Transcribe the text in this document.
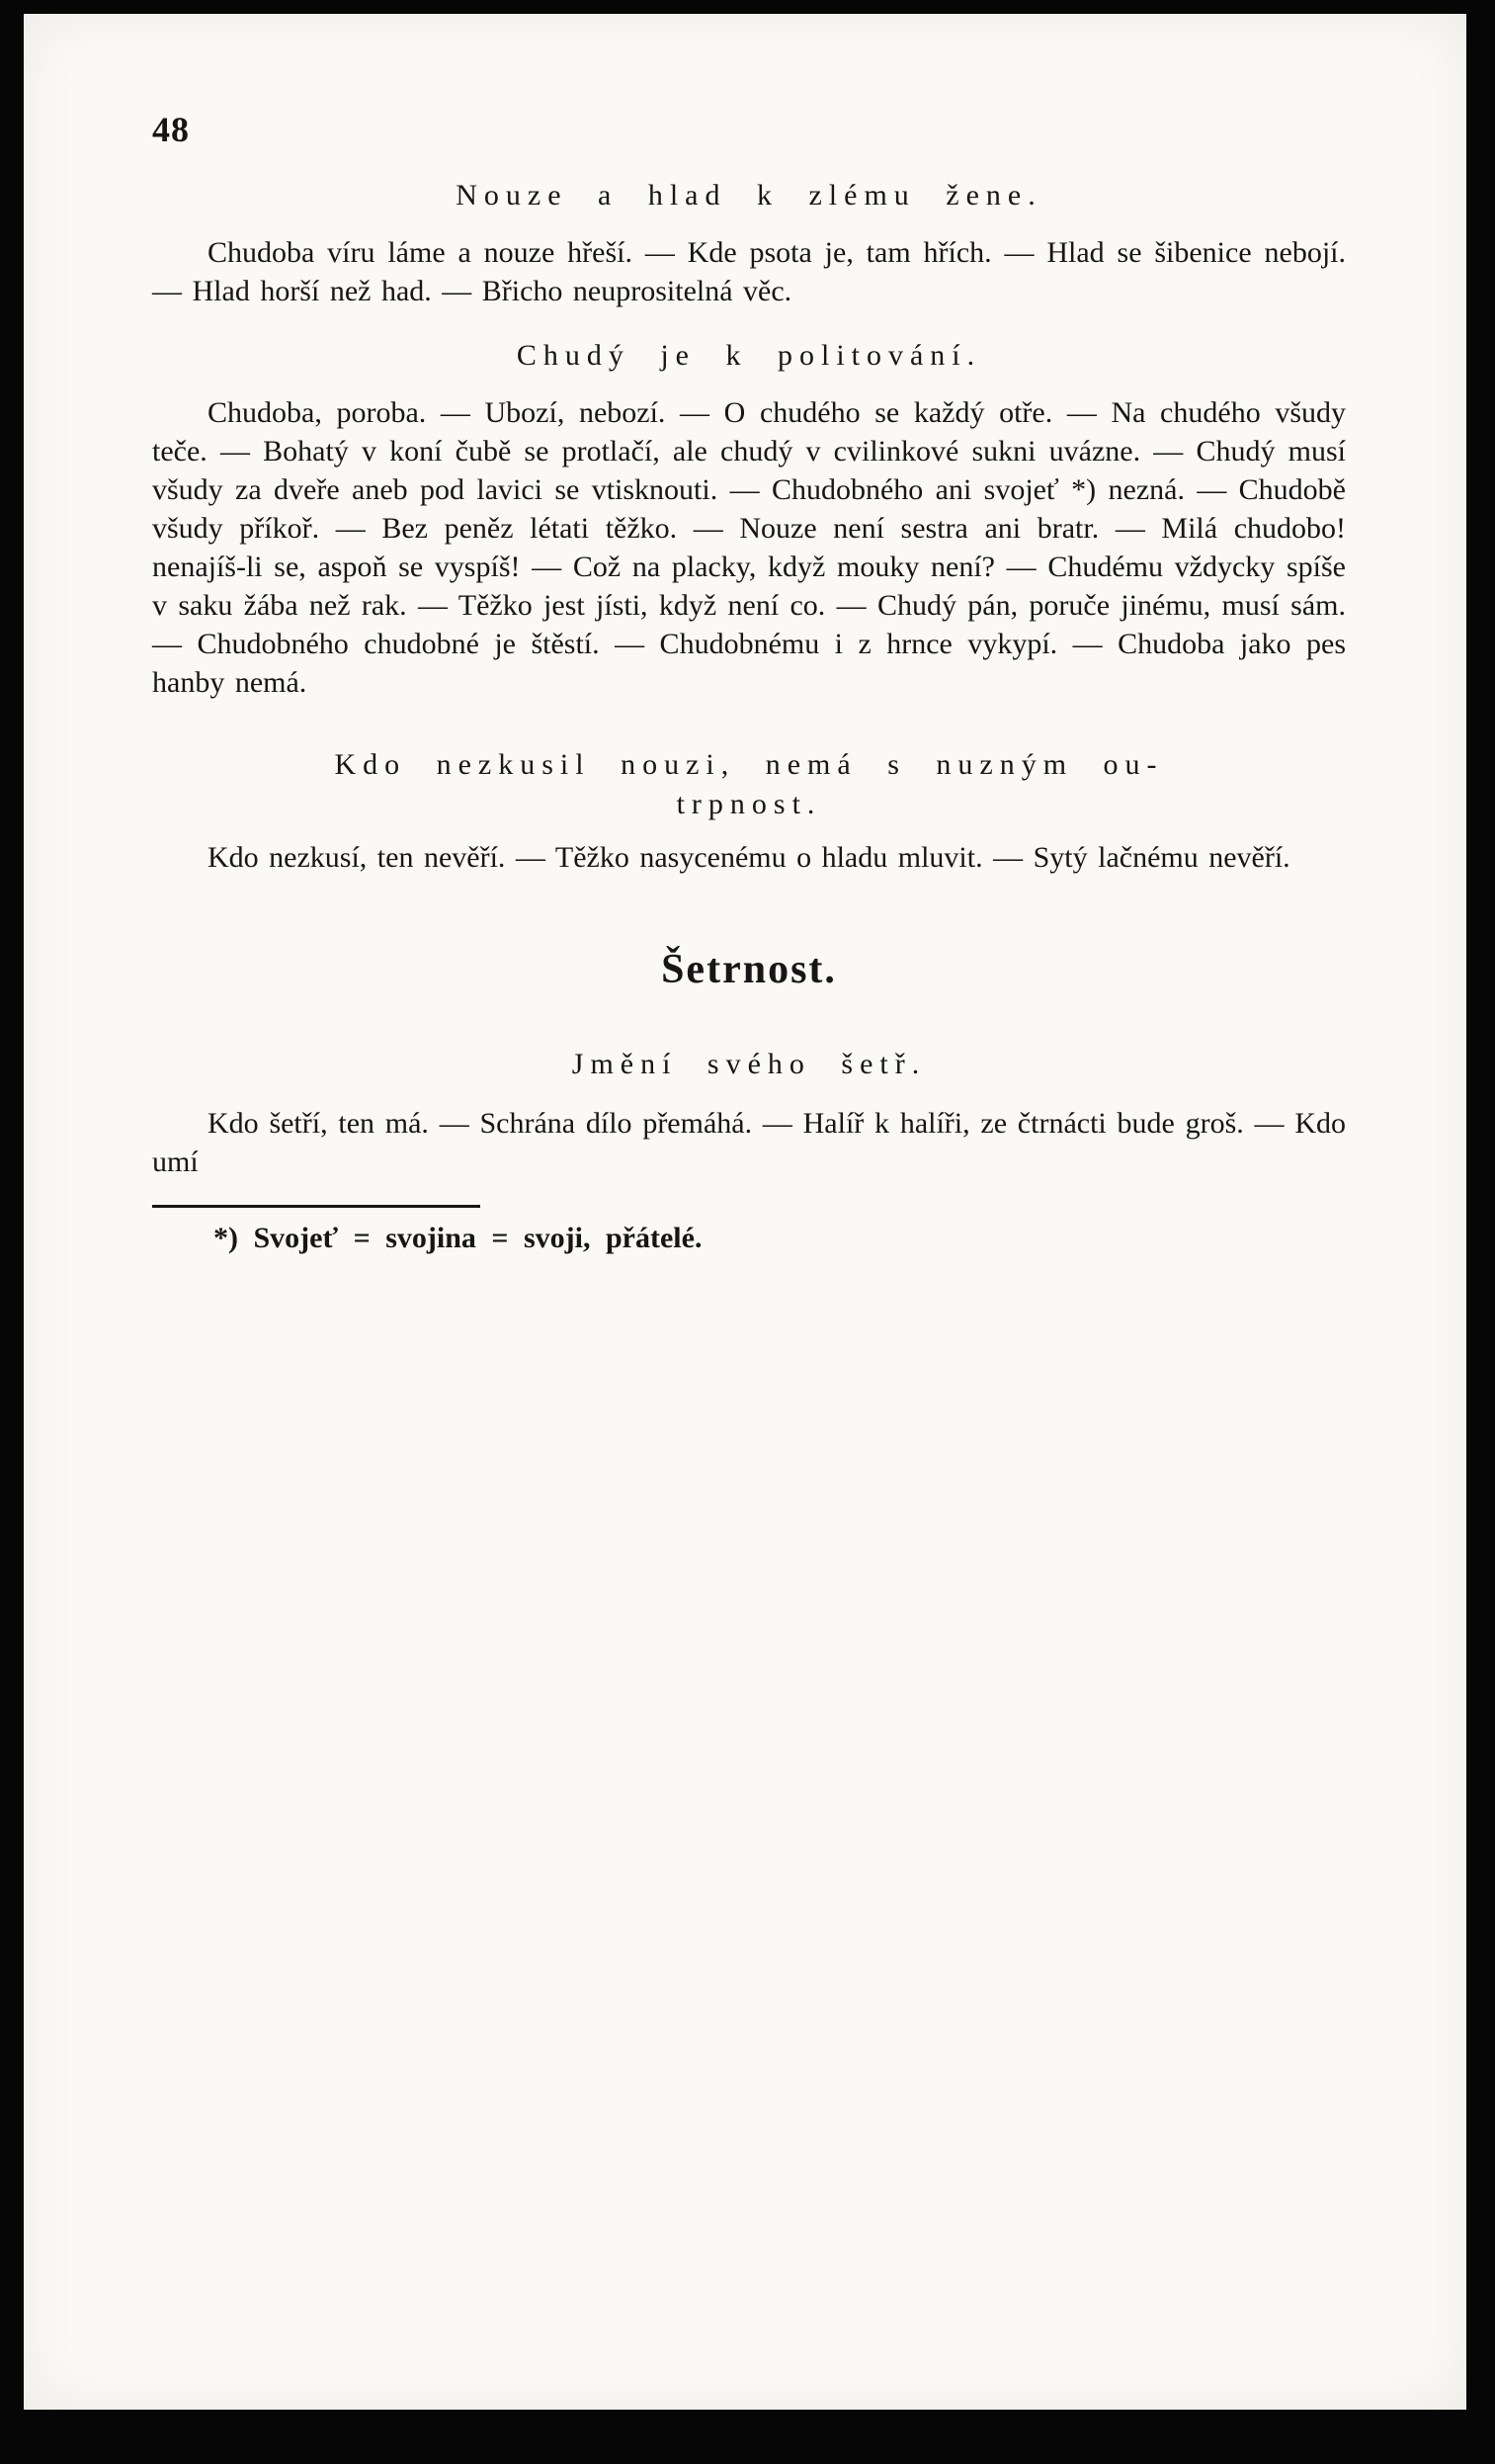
48
Nouze a hlad k zlému žene.

Chudoba víru láme a nouze hřeší. — Kde psota je, tam hřích. — Hlad se šibenice nebojí. — Hlad horší než had. — Břicho neuprositelná věc.

Chudý je k politování.

Chudoba, poroba. — Ubozí, nebozí. — O chudého se každý otře. — Na chudého všudy teče. — Bohatý v koní čubě se protlačí, ale chudý v cvilinkové sukni uvázne. — Chudý musí všudy za dveře aneb pod lavici se vtisknouti. — Chudobného ani svojeť *) nezná. — Chudobě všudy příkoř. — Bez peněz létati těžko. — Nouze není sestra ani bratr. — Milá chudobo! nenajíš-li se, aspoň se vyspíš! — Což na placky, když mouky není? — Chudému vždycky spíše v saku žába než rak. — Těžko jest jísti, když není co. — Chudý pán, poruče jinému, musí sám. — Chudobného chudobné je štěstí. — Chudobnému i z hrnce vykypí. — Chudoba jako pes hanby nemá.

Kdo nezkusil nouzi, nemá s nuzným ou-
trpnost.

Kdo nezkusí, ten nevěří. — Těžko nasycenému o hladu mluvit. — Sytý lačnému nevěří.

Šetrnost.
Jmění svého šetř.

Kdo šetří, ten má. — Schrána dílo přemáhá. — Halíř k halíři, ze čtrnácti bude groš. — Kdo umí

*) Svojeť = svojina = svoji, přátelé.
